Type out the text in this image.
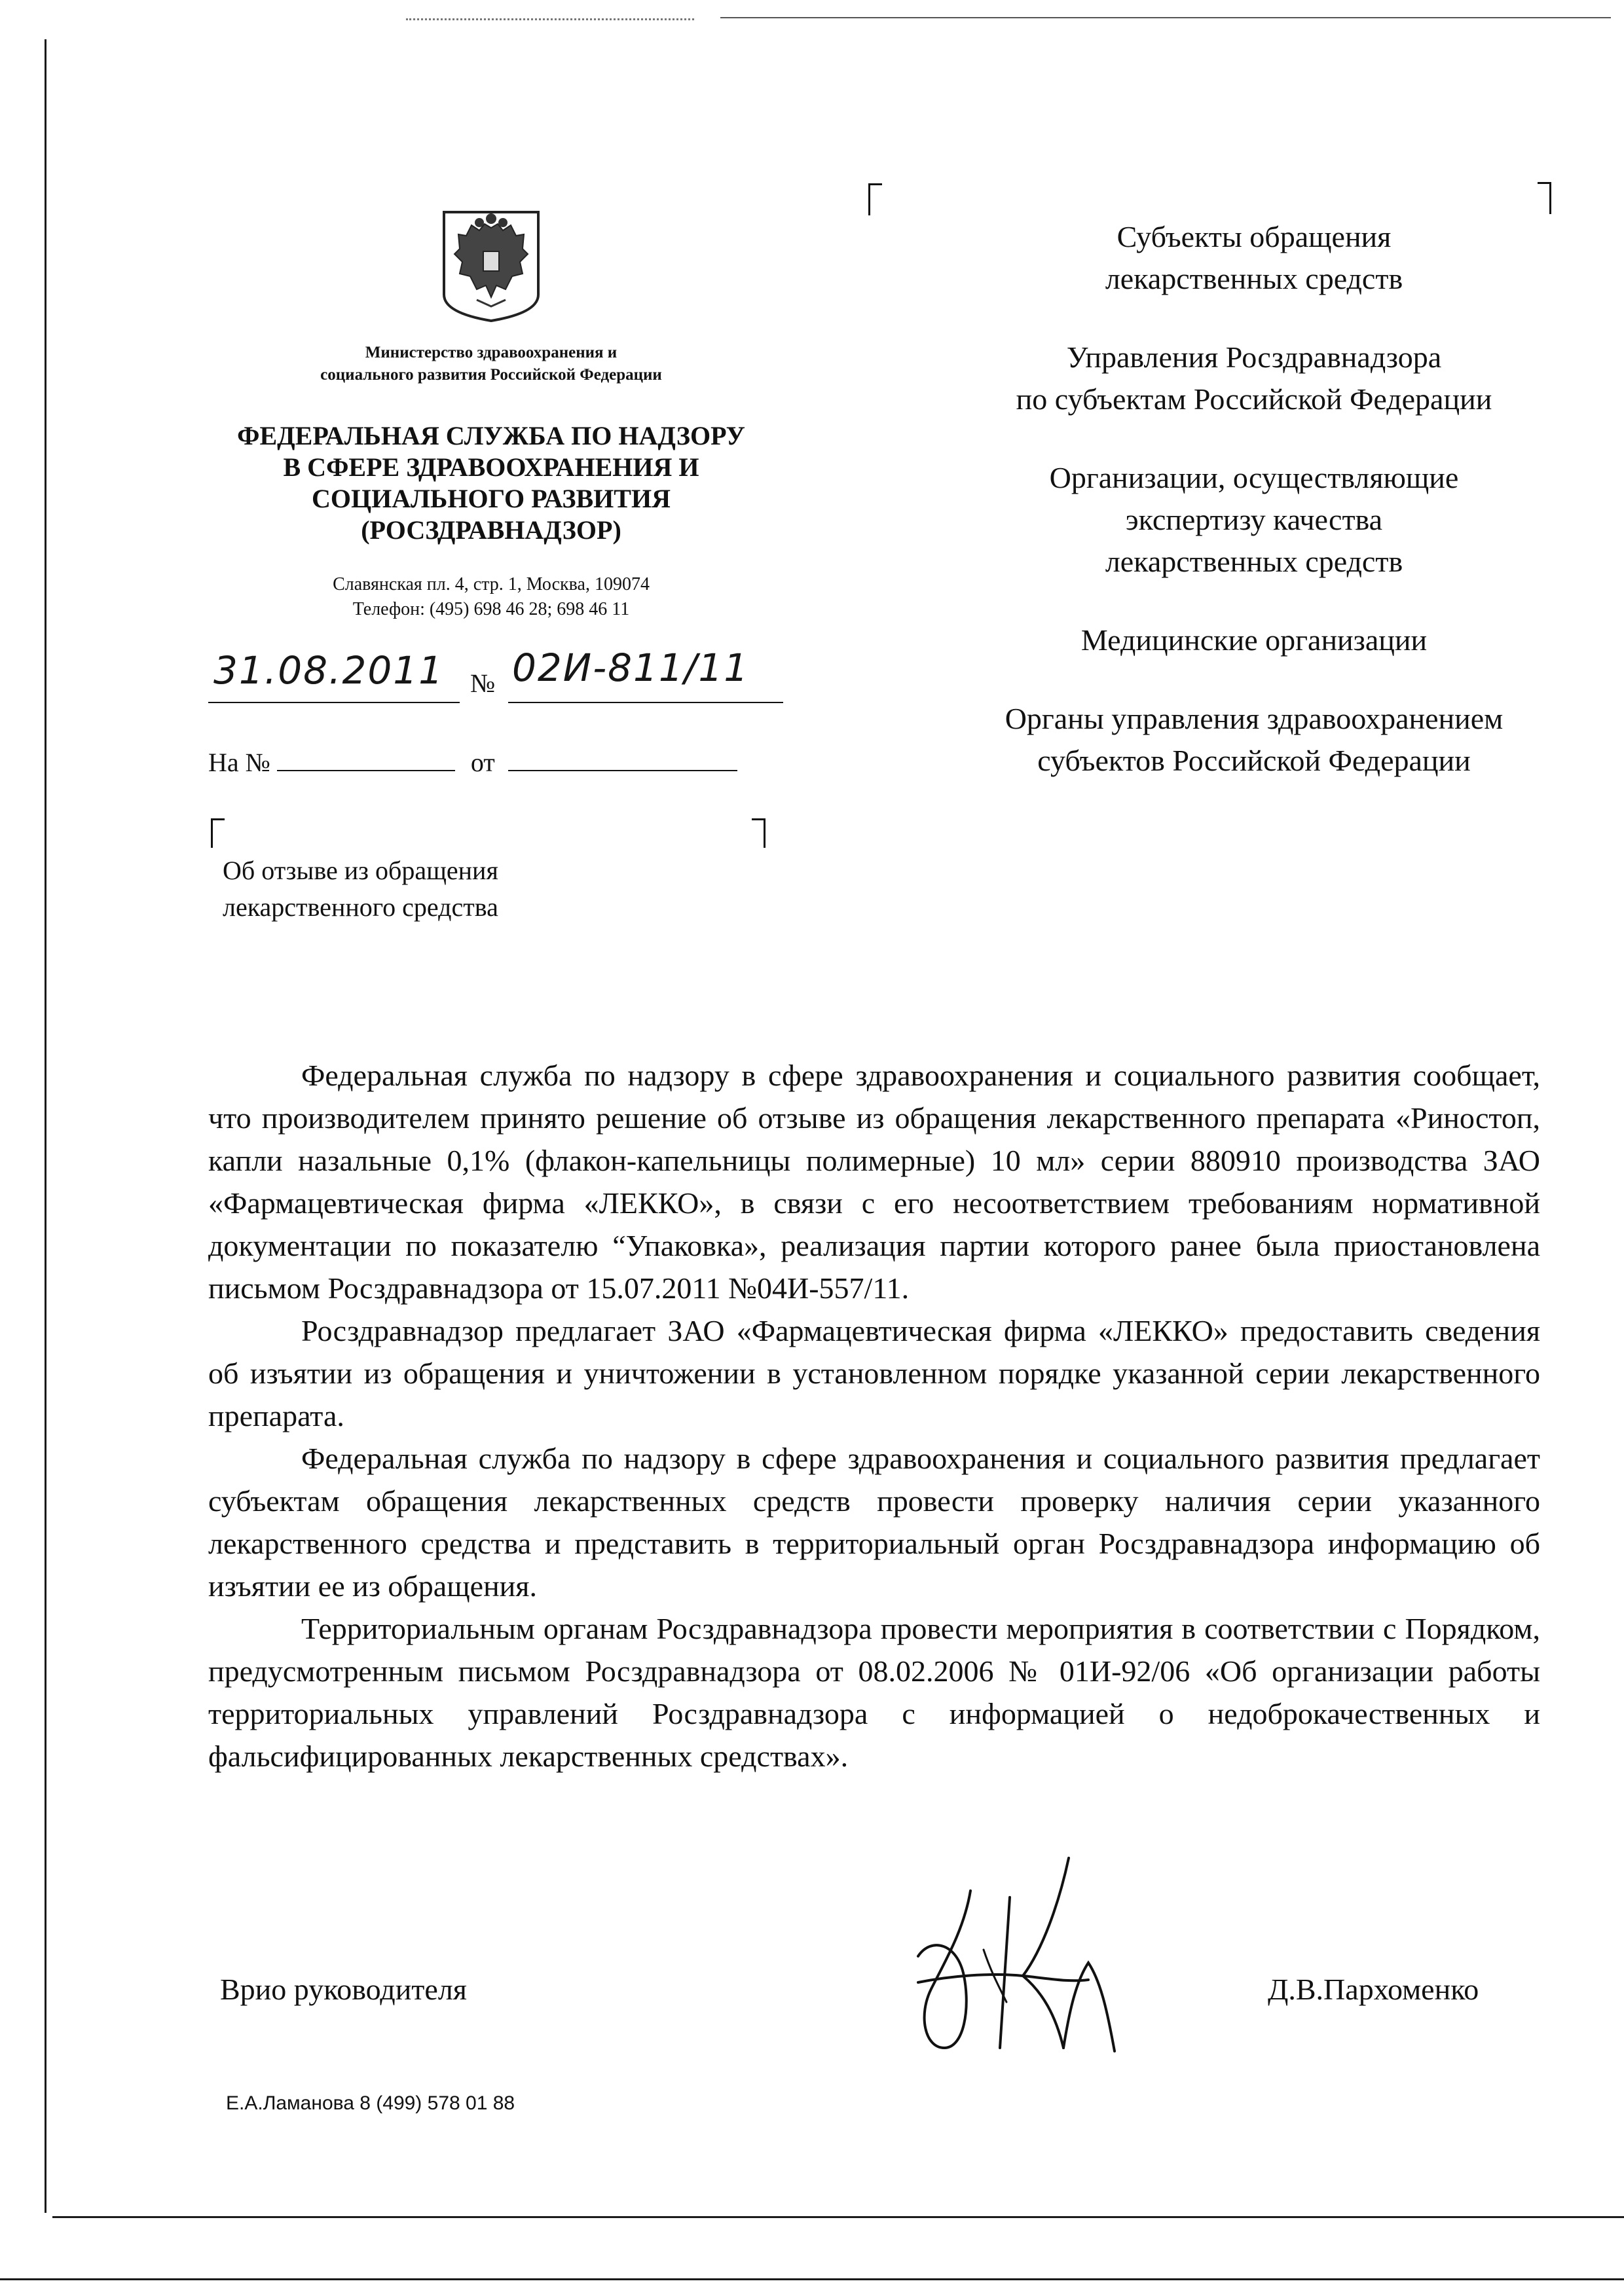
Министерство здравоохранения и
социального развития Российской Федерации
ФЕДЕРАЛЬНАЯ СЛУЖБА ПО НАДЗОРУ
В СФЕРЕ ЗДРАВООХРАНЕНИЯ И
СОЦИАЛЬНОГО РАЗВИТИЯ
(РОСЗДРАВНАДЗОР)
Славянская пл. 4, стр. 1, Москва, 109074
Телефон: (495) 698 46 28; 698 46 11
31.08.2011 № 02И-811/11
На №	от
Об отзыве из обращения
лекарственного средства
Субъекты обращения
лекарственных средств
Управления Росздравнадзора
по субъектам Российской Федерации
Организации, осуществляющие
экспертизу качества
лекарственных средств
Медицинские организации
Органы управления здравоохранением
субъектов Российской Федерации

Федеральная служба по надзору в сфере здравоохранения и социального развития сообщает, что производителем принято решение об отзыве из обращения лекарственного препарата «Риностоп, капли назальные 0,1% (флакон-капельницы полимерные) 10 мл» серии 880910 производства ЗАО «Фармацевтическая фирма «ЛЕККО», в связи с его несоответствием требованиям нормативной документации по показателю “Упаковка», реализация партии которого ранее была приостановлена письмом Росздравнадзора от 15.07.2011 №04И-557/11.

Росздравнадзор предлагает ЗАО «Фармацевтическая фирма «ЛЕККО» предоставить сведения об изъятии из обращения и уничтожении в установленном порядке указанной серии лекарственного препарата.

Федеральная служба по надзору в сфере здравоохранения и социального развития предлагает субъектам обращения лекарственных средств провести проверку наличия серии указанного лекарственного средства и представить в территориальный орган Росздравнадзора информацию об изъятии ее из обращения.

Территориальным органам Росздравнадзора провести мероприятия в соответствии с Порядком, предусмотренным письмом Росздравнадзора от 08.02.2006 № 01И-92/06 «Об организации работы территориальных управлений Росздравнадзора с информацией о недоброкачественных и фальсифицированных лекарственных средствах».

Врио руководителя	Д.В.Пархоменко
Е.А.Ламанова 8 (499) 578 01 88
